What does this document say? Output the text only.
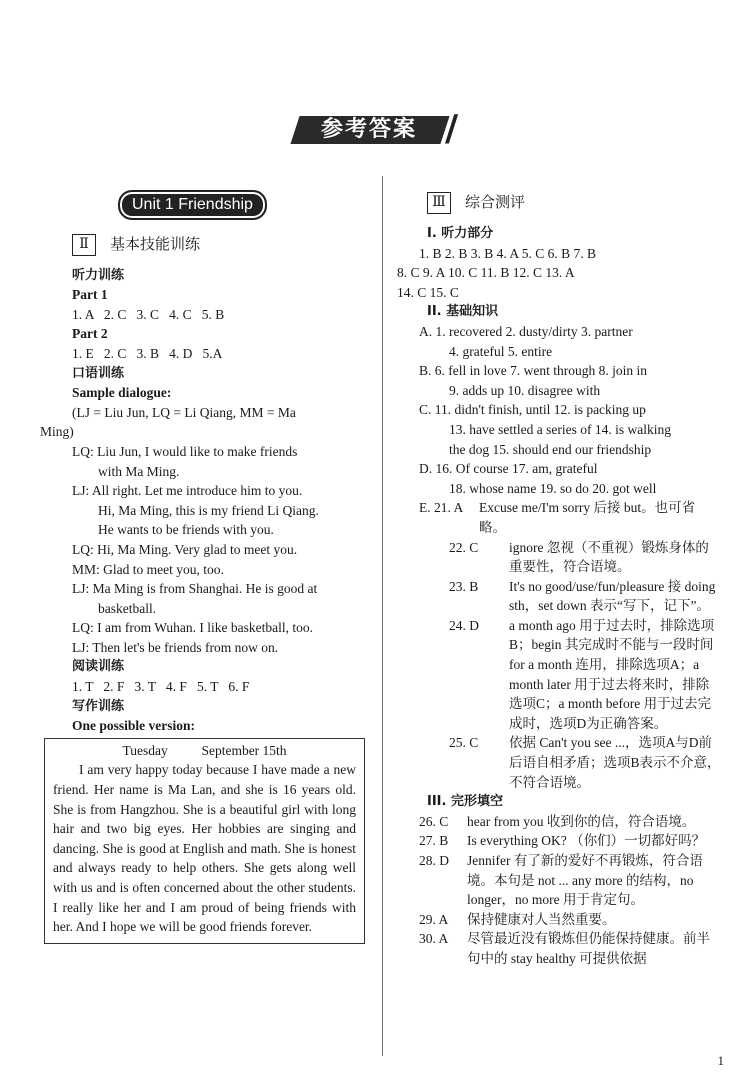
参考答案 /
Unit 1 Friendship
Ⅱ	基本技能训练
听力训练
Part 1
1. A   2. C   3. C   4. C   5. B
Part 2
1. E   2. C   3. B   4. D   5.A
口语训练
Sample dialogue:
(LJ = Liu Jun, LQ = Li Qiang, MM = Ma
Ming)
LQ: Liu Jun, I would like to make friends
with Ma Ming.
LJ: All right. Let me introduce him to you.
Hi, Ma Ming, this is my friend Li Qiang.
He wants to be friends with you.
LQ: Hi, Ma Ming. Very glad to meet you.
MM: Glad to meet you, too.
LJ: Ma Ming is from Shanghai. He is good at
basketball.
LQ: I am from Wuhan. I like basketball, too.
LJ: Then let's be friends from now on.
阅读训练
1. T   2. F   3. T   4. F   5. T   6. F
写作训练
One possible version:
Tuesday          September 15th

I am very happy today because I have made a new friend. Her name is Ma Lan, and she is 16 years old. She is from Hangzhou. She is a beautiful girl with long hair and two big eyes. Her hobbies are singing and dancing. She is good at English and math. She is honest and always ready to help others. She gets along well with us and is often concerned about the other students. I really like her and I am proud of being friends with her. And I hope we will be good friends forever.

Ⅲ	综合测评
I. 听力部分
1. B 2. B 3. B 4. A 5. C 6. B 7. B
8. C 9. A 10. C 11. B 12. C 13. A
14. C 15. C
II. 基础知识
A. 1. recovered 2. dusty/dirty 3. partner
4. grateful 5. entire
B. 6. fell in love 7. went through 8. join in
9. adds up 10. disagree with
C. 11. didn't finish, until 12. is packing up
13. have settled a series of 14. is walking
the dog 15. should end our friendship
D. 16. Of course 17. am, grateful
18. whose name 19. so do 20. got well
E. 21. A	Excuse me/I'm sorry 后接 but。也可省略。
22. C	ignore 忽视（不重视）锻炼身体的重要性，符合语境。
23. B	It's no good/use/fun/pleasure 接 doing sth，set down 表示“写下，记下”。
24. D	a month ago 用于过去时，排除选项B；begin 其完成时不能与一段时间 for a month 连用，排除选项A；a month later 用于过去将来时，排除选项C；a month before 用于过去完成时，选项D为正确答案。
25. C	依据 Can't you see ...，选项A与D前后语自相矛盾；选项B表示不介意，不符合语境。
III. 完形填空
26. C	hear from you 收到你的信，符合语境。
27. B	Is everything OK? （你们）一切都好吗？
28. D	Jennifer 有了新的爱好不再锻炼，符合语境。本句是 not ... any more 的结构，no longer，no more 用于肯定句。
29. A	保持健康对人当然重要。
30. A	尽管最近没有锻炼但仍能保持健康。前半句中的 stay healthy 可提供依据
1
